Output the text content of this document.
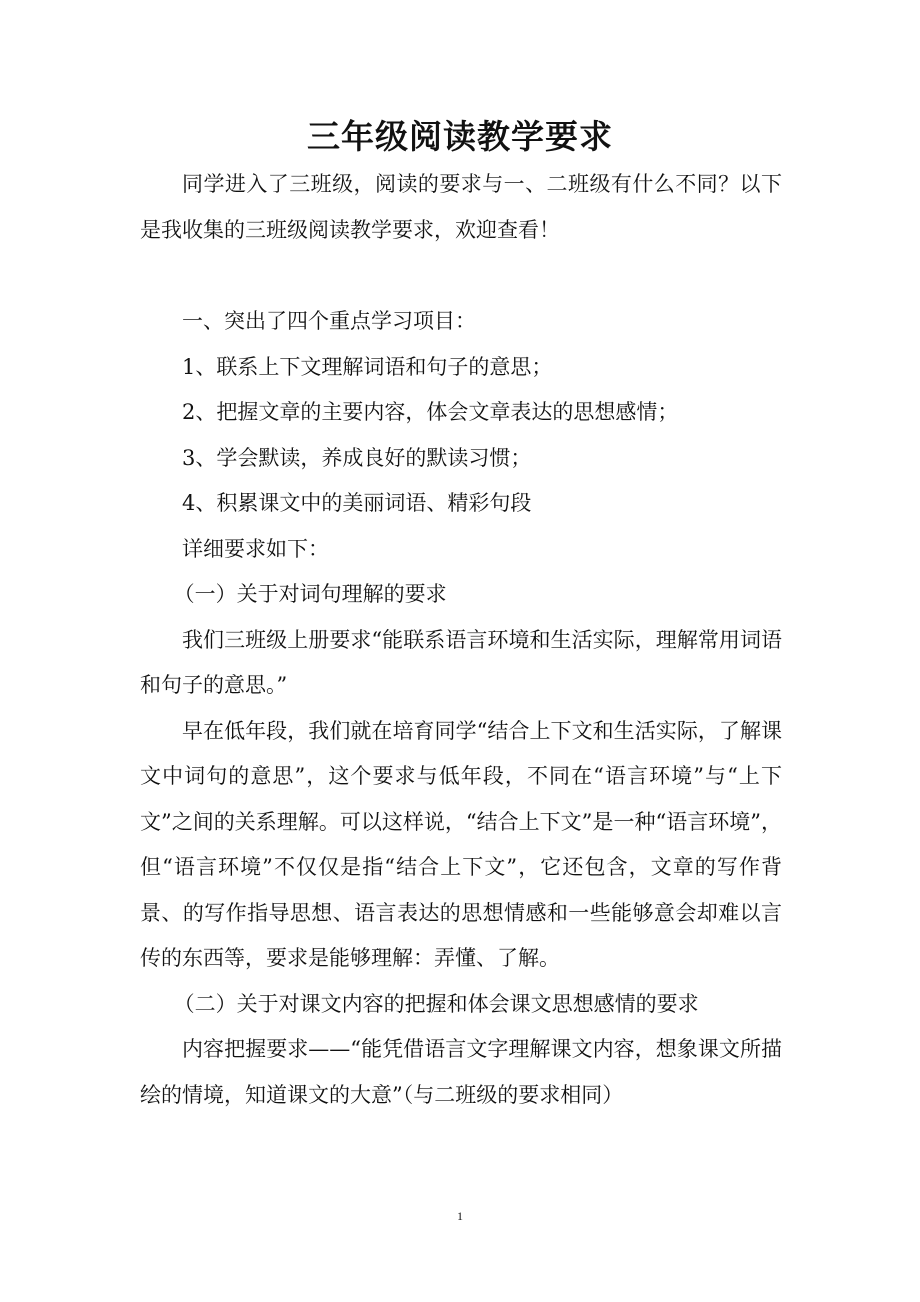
三年级阅读教学要求

同学进入了三班级，阅读的要求与一、二班级有什么不同？以下是我收集的三班级阅读教学要求，欢迎查看！

一、突出了四个重点学习项目：

1、联系上下文理解词语和句子的意思；

2、把握文章的主要内容，体会文章表达的思想感情；

3、学会默读，养成良好的默读习惯；

4、积累课文中的美丽词语、精彩句段

详细要求如下：

（一）关于对词句理解的要求

我们三班级上册要求“能联系语言环境和生活实际，理解常用词语和句子的意思。”

早在低年段，我们就在培育同学“结合上下文和生活实际，了解课文中词句的意思”，这个要求与低年段，不同在“语言环境”与“上下文”之间的关系理解。可以这样说，“结合上下文”是一种“语言环境”，但“语言环境”不仅仅是指“结合上下文”，它还包含，文章的写作背景、的写作指导思想、语言表达的思想情感和一些能够意会却难以言传的东西等，要求是能够理解：弄懂、了解。

（二）关于对课文内容的把握和体会课文思想感情的要求

内容把握要求——“能凭借语言文字理解课文内容，想象课文所描绘的情境，知道课文的大意”（与二班级的要求相同）

1
